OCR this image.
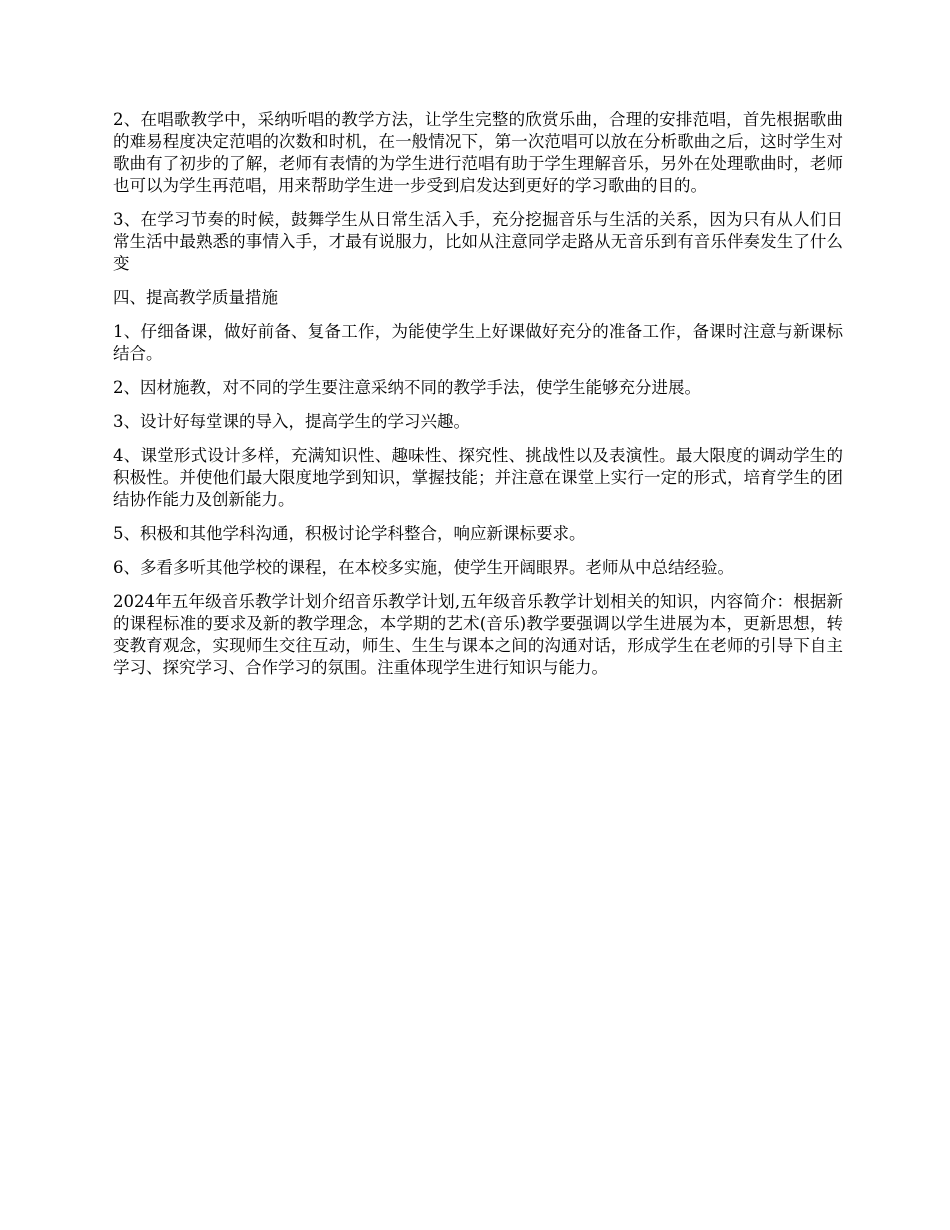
2、在唱歌教学中，采纳听唱的教学方法，让学生完整的欣赏乐曲，合理的安排范唱，首先根据歌曲的难易程度决定范唱的次数和时机，在一般情况下，第一次范唱可以放在分析歌曲之后，这时学生对歌曲有了初步的了解，老师有表情的为学生进行范唱有助于学生理解音乐，另外在处理歌曲时，老师也可以为学生再范唱，用来帮助学生进一步受到启发达到更好的学习歌曲的目的。

3、在学习节奏的时候，鼓舞学生从日常生活入手，充分挖掘音乐与生活的关系，因为只有从人们日常生活中最熟悉的事情入手，才最有说服力，比如从注意同学走路从无音乐到有音乐伴奏发生了什么变

四、提高教学质量措施

1、仔细备课，做好前备、复备工作，为能使学生上好课做好充分的准备工作，备课时注意与新课标结合。

2、因材施教，对不同的学生要注意采纳不同的教学手法，使学生能够充分进展。

3、设计好每堂课的导入，提高学生的学习兴趣。

4、课堂形式设计多样，充满知识性、趣味性、探究性、挑战性以及表演性。最大限度的调动学生的积极性。并使他们最大限度地学到知识，掌握技能；并注意在课堂上实行一定的形式，培育学生的团结协作能力及创新能力。

5、积极和其他学科沟通，积极讨论学科整合，响应新课标要求。

6、多看多听其他学校的课程，在本校多实施，使学生开阔眼界。老师从中总结经验。

2024年五年级音乐教学计划介绍音乐教学计划,五年级音乐教学计划相关的知识，内容简介：根据新的课程标准的要求及新的教学理念，本学期的艺术(音乐)教学要强调以学生进展为本，更新思想，转变教育观念，实现师生交往互动，师生、生生与课本之间的沟通对话，形成学生在老师的引导下自主学习、探究学习、合作学习的氛围。注重体现学生进行知识与能力。
